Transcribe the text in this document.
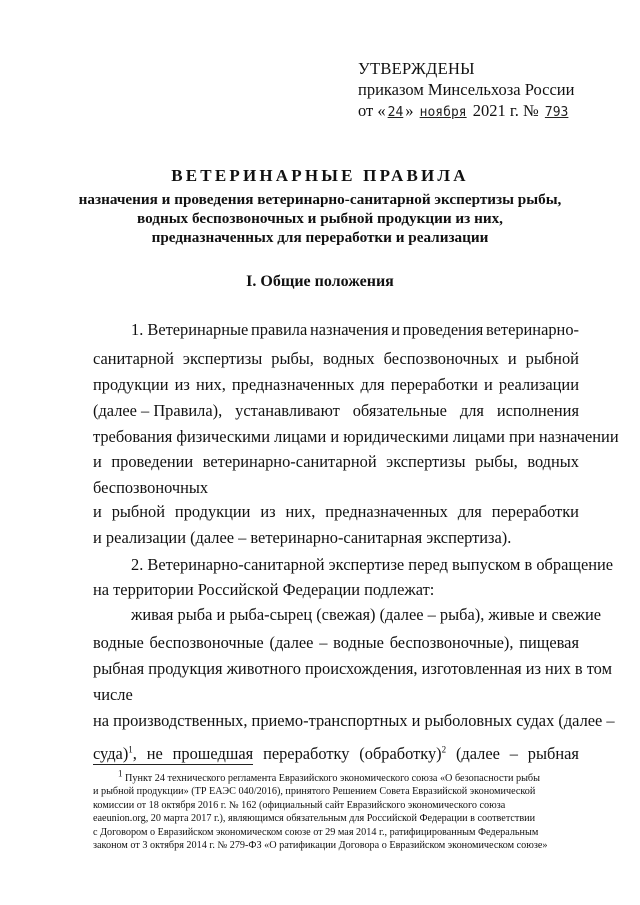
УТВЕРЖДЕНЫ
приказом Минсельхоза России
от « 24 » ноября 2021 г. № 793
ВЕТЕРИНАРНЫЕ ПРАВИЛА
назначения и проведения ветеринарно-санитарной экспертизы рыбы,
водных беспозвоночных и рыбной продукции из них,
предназначенных для переработки и реализации
I. Общие положения
1. Ветеринарные правила назначения и проведения ветеринарно-
санитарной экспертизы рыбы, водных беспозвоночных и рыбной
продукции из них, предназначенных для переработки и реализации
(далее – Правила), устанавливают обязательные для исполнения
требования физическими лицами и юридическими лицами при назначении
и проведении ветеринарно-санитарной экспертизы рыбы, водных
беспозвоночных
и рыбной продукции из них, предназначенных для переработки
и реализации (далее – ветеринарно-санитарная экспертиза).
2. Ветеринарно-санитарной экспертизе перед выпуском в обращение
на территории Российской Федерации подлежат:
живая рыба и рыба-сырец (свежая) (далее – рыба), живые и свежие
водные беспозвоночные (далее – водные беспозвоночные), пищевая
рыбная продукция животного происхождения, изготовленная из них в том
числе
на производственных, приемо-транспортных и рыболовных судах (далее –
суда)$^1$, не прошедшая переработку (обработку)$^2$ (далее – рыбная
$^1$ Пункт 24 технического регламента Евразийского экономического союза «О безопасности рыбы
и рыбной продукции» (ТР ЕАЭС 040/2016), принятого Решением Совета Евразийской экономической
комиссии от 18 октября 2016 г. № 162 (официальный сайт Евразийского экономического союза
eaeunion.org, 20 марта 2017 г.), являющимся обязательным для Российской Федерации в соответствии
с Договором о Евразийском экономическом союзе от 29 мая 2014 г., ратифицированным Федеральным
законом от 3 октября 2014 г. № 279-ФЗ «О ратификации Договора о Евразийском экономическом союзе»
